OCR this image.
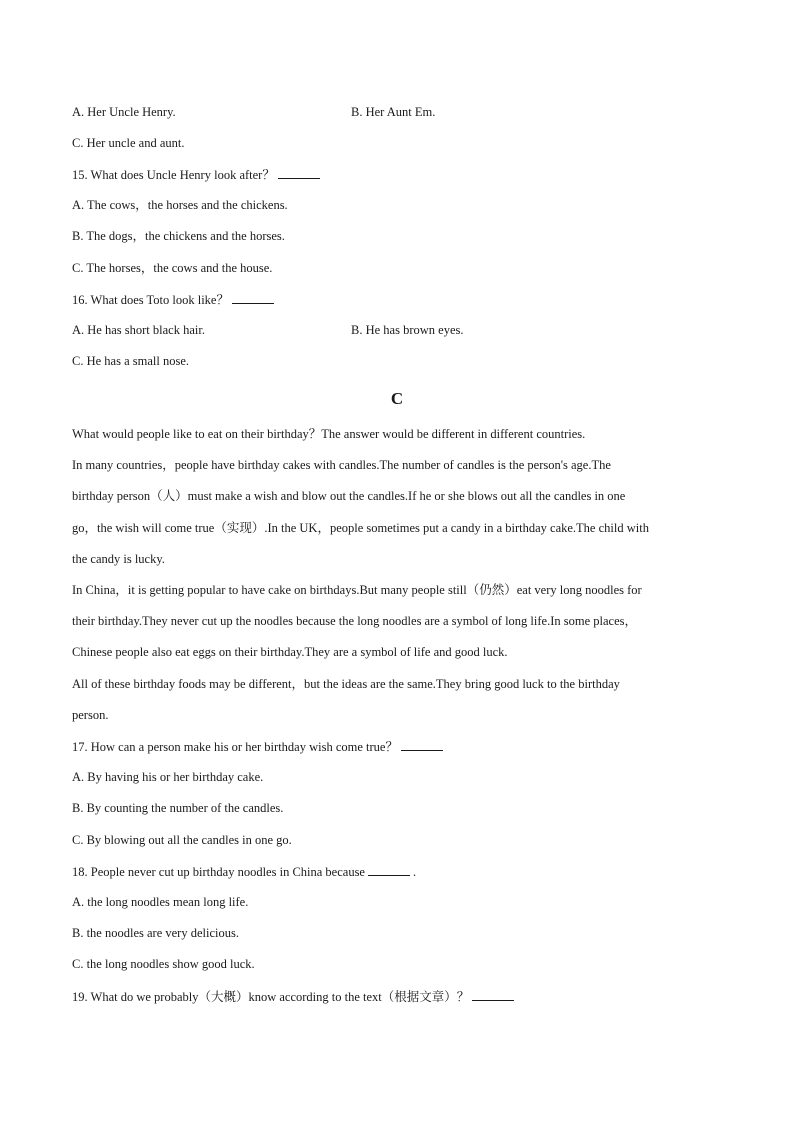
A. Her Uncle Henry.	B. Her Aunt Em.
C. Her uncle and aunt.
15. What does Uncle Henry look after？
A. The cows，the horses and the chickens.
B. The dogs，the chickens and the horses.
C. The horses，the cows and the house.
16. What does Toto look like？
A. He has short black hair.	B. He has brown eyes.
C. He has a small nose.
C
What would people like to eat on their birthday？The answer would be different in different countries.
In many countries，people have birthday cakes with candles.The number of candles is the person's age.The
birthday person（人）must make a wish and blow out the candles.If he or she blows out all the candles in one
go，the wish will come true（实现）.In the UK，people sometimes put a candy in a birthday cake.The child with
the candy is lucky.
In China，it is getting popular to have cake on birthdays.But many people still（仍然）eat very long noodles for
their birthday.They never cut up the noodles because the long noodles are a symbol of long life.In some places，
Chinese people also eat eggs on their birthday.They are a symbol of life and good luck.
All of these birthday foods may be different，but the ideas are the same.They bring good luck to the birthday
person.
17. How can a person make his or her birthday wish come true？
A. By having his or her birthday cake.
B. By counting the number of the candles.
C. By blowing out all the candles in one go.
18. People never cut up birthday noodles in China because	.
A. the long noodles mean long life.
B. the noodles are very delicious.
C. the long noodles show good luck.
19. What do we probably（大概）know according to the text（根据文章）？
